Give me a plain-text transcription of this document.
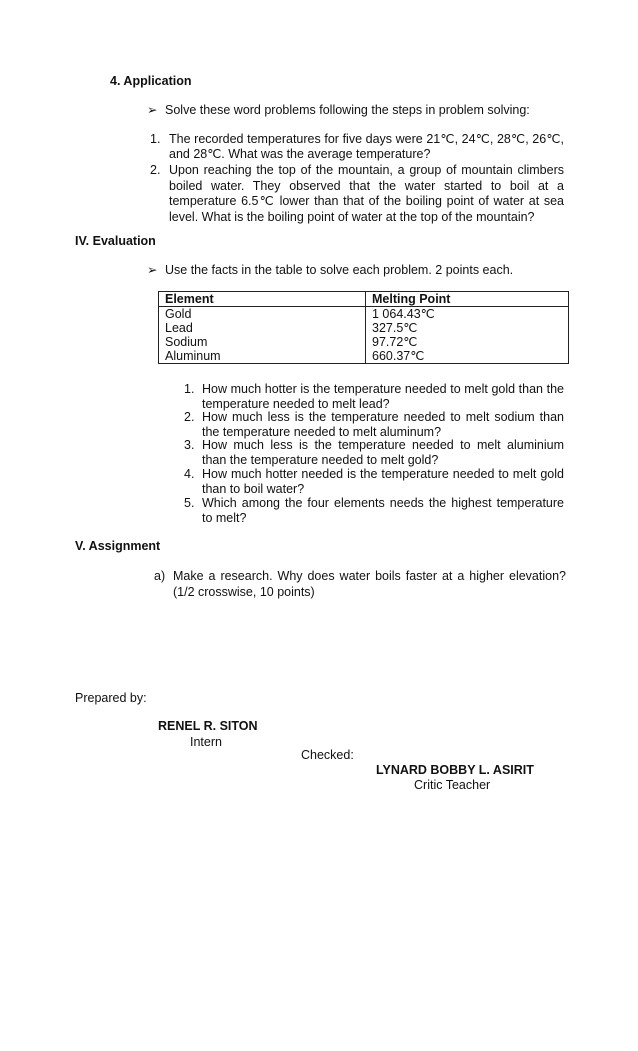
4. Application
➢ Solve these word problems following the steps in problem solving:
1. The recorded temperatures for five days were 21℃, 24℃, 28℃, 26℃, and 28℃. What was the average temperature?
2. Upon reaching the top of the mountain, a group of mountain climbers boiled water. They observed that the water started to boil at a temperature 6.5℃ lower than that of the boiling point of water at sea level. What is the boiling point of water at the top of the mountain?
IV. Evaluation
➢ Use the facts in the table to solve each problem. 2 points each.
Element	Melting Point
Gold	1 064.43℃
Lead	327.5℃
Sodium	97.72℃
Aluminum	660.37℃
1. How much hotter is the temperature needed to melt gold than the temperature needed to melt lead?
2. How much less is the temperature needed to melt sodium than the temperature needed to melt aluminum?
3. How much less is the temperature needed to melt aluminium than the temperature needed to melt gold?
4. How much hotter needed is the temperature needed to melt gold than to boil water?
5. Which among the four elements needs the highest temperature to melt?
V. Assignment
a) Make a research. Why does water boils faster at a higher elevation? (1/2 crosswise, 10 points)
Prepared by:
RENEL R. SITON
Intern
Checked:
LYNARD BOBBY L. ASIRIT
Critic Teacher
